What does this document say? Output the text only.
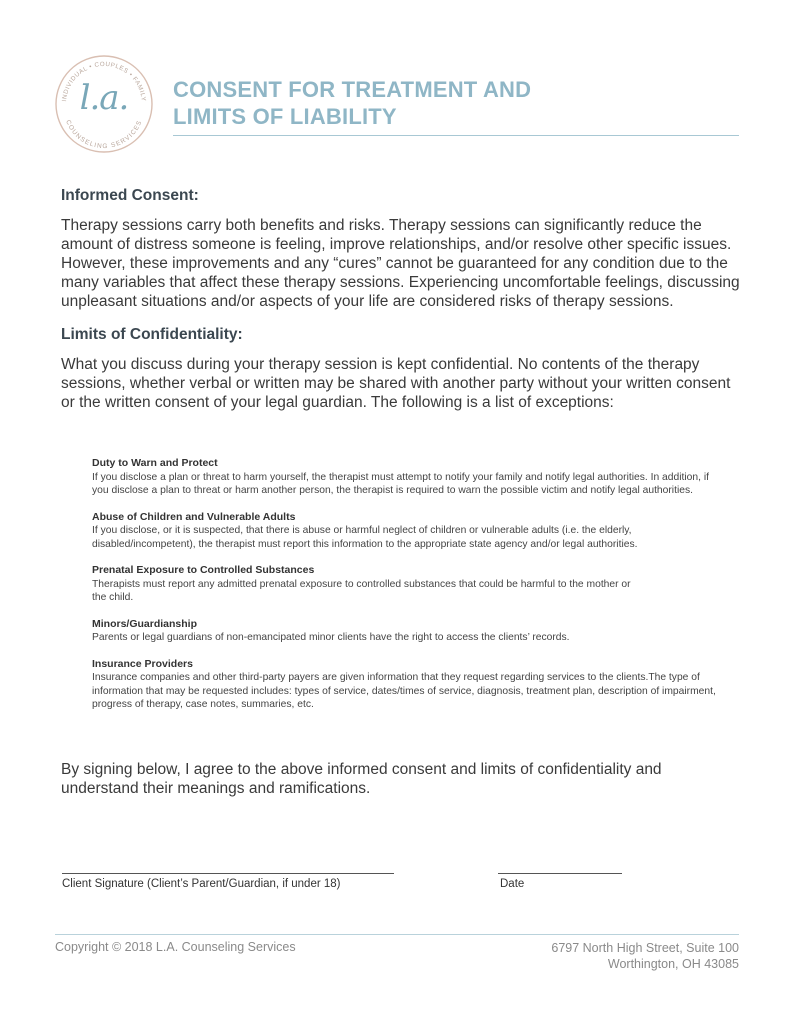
INDIVIDUAL • COUPLES • FAMILY
COUNSELING SERVICES
l.a.	CONSENT FOR TREATMENT AND
LIMITS OF LIABILITY
Informed Consent:

Therapy sessions carry both benefits and risks. Therapy sessions can significantly reduce the amount of distress someone is feeling, improve relationships, and/or resolve other specific issues. However, these improvements and any “cures” cannot be guaranteed for any condition due to the many variables that affect these therapy sessions. Experiencing uncomfortable feelings, discussing unpleasant situations and/or aspects of your life are considered risks of therapy sessions.

Limits of Confidentiality:

What you discuss during your therapy session is kept confidential. No contents of the therapy sessions, whether verbal or written may be shared with another party without your written consent or the written consent of your legal guardian. The following is a list of exceptions:

Duty to Warn and Protect
If you disclose a plan or threat to harm yourself, the therapist must attempt to notify your family and notify legal authorities. In addition, if you disclose a plan to threat or harm another person, the therapist is required to warn the possible victim and notify legal authorities.
Abuse of Children and Vulnerable Adults
If you disclose, or it is suspected, that there is abuse or harmful neglect of children or vulnerable adults (i.e. the elderly, disabled/incompetent), the therapist must report this information to the appropriate state agency and/or legal authorities.
Prenatal Exposure to Controlled Substances
Therapists must report any admitted prenatal exposure to controlled substances that could be harmful to the mother or the child.
Minors/Guardianship
Parents or legal guardians of non-emancipated minor clients have the right to access the clients’ records.
Insurance Providers
Insurance companies and other third-party payers are given information that they request regarding services to the clients.The type of information that may be requested includes: types of service, dates/times of service, diagnosis, treatment plan, description of impairment, progress of therapy, case notes, summaries, etc.
By signing below, I agree to the above informed consent and limits of confidentiality and understand their meanings and ramifications.
Client Signature (Client’s Parent/Guardian, if under 18)	Date
Copyright © 2018 L.A. Counseling Services	6797 North High Street, Suite 100
Worthington, OH 43085
